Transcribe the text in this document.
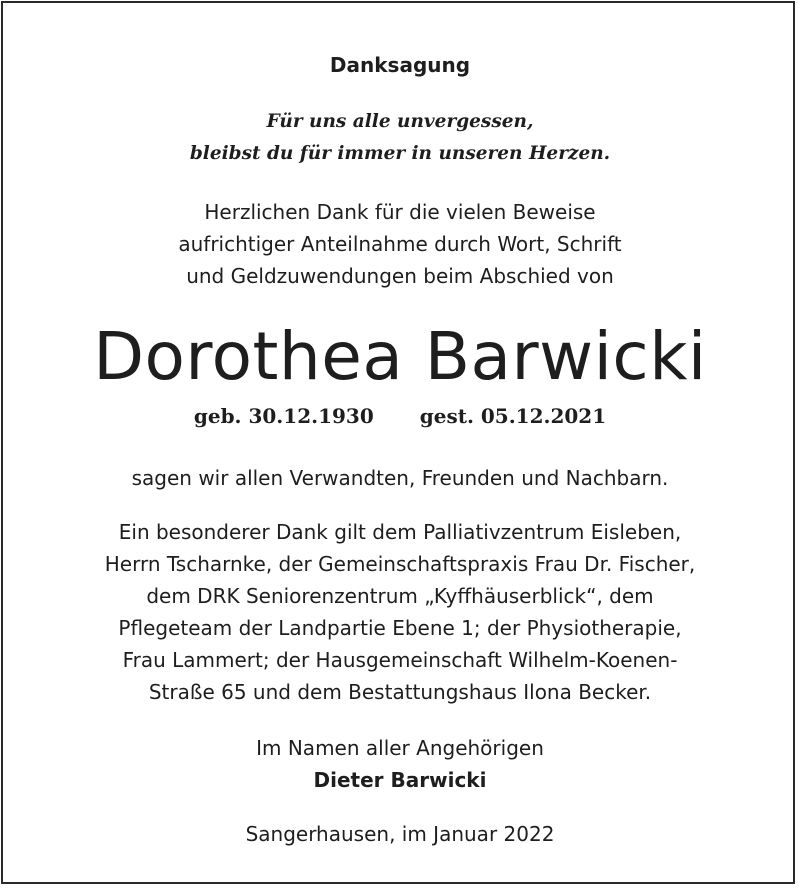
Danksagung
Für uns alle unvergessen,
bleibst du für immer in unseren Herzen.
Herzlichen Dank für die vielen Beweise
aufrichtiger Anteilnahme durch Wort, Schrift
und Geldzuwendungen beim Abschied von
Dorothea Barwicki
geb. 30.12.1930 gest. 05.12.2021
sagen wir allen Verwandten, Freunden und Nachbarn.
Ein besonderer Dank gilt dem Palliativzentrum Eisleben,
Herrn Tscharnke, der Gemeinschaftspraxis Frau Dr. Fischer,
dem DRK Seniorenzentrum „Kyffhäuserblick“, dem
Pflegeteam der Landpartie Ebene 1; der Physiotherapie,
Frau Lammert; der Hausgemeinschaft Wilhelm-Koenen-
Straße 65 und dem Bestattungshaus Ilona Becker.
Im Namen aller Angehörigen
Dieter Barwicki
Sangerhausen, im Januar 2022
